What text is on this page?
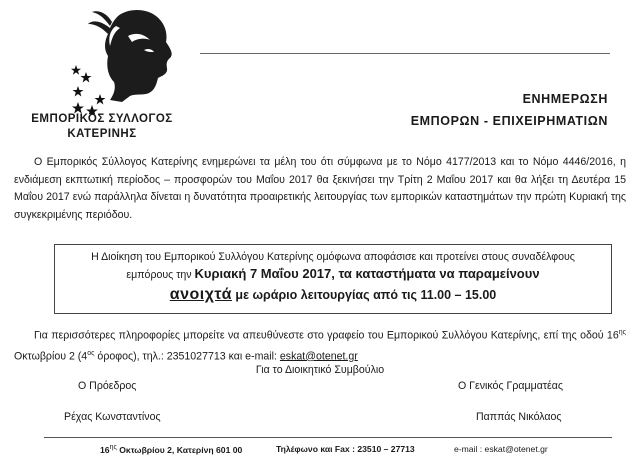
ΕΜΠΟΡΙΚΟΣ ΣΥΛΛΟΓΟΣ
ΚΑΤΕΡΙΝΗΣ
ΕΝΗΜΕΡΩΣΗ
ΕΜΠΟΡΩΝ - ΕΠΙΧΕΙΡΗΜΑΤΙΩΝ
Ο Εμπορικός Σύλλογος Κατερίνης ενημερώνει τα μέλη του ότι σύμφωνα με το Νόμο 4177/2013 και το Νόμο 4446/2016, η ενδιάμεση εκπτωτική περίοδος – προσφορών του Μαΐου 2017 θα ξεκινήσει την Τρίτη 2 Μαΐου 2017 και θα λήξει τη Δευτέρα 15 Μαΐου 2017 ενώ παράλληλα δίνεται η δυνατότητα προαιρετικής λειτουργίας των εμπορικών καταστημάτων την πρώτη Κυριακή της συγκεκριμένης περιόδου.
Η Διοίκηση του Εμπορικού Συλλόγου Κατερίνης ομόφωνα αποφάσισε και προτείνει στους συναδέλφους
εμπόρους την Κυριακή 7 Μαΐου 2017, τα καταστήματα να παραμείνουν
ανοιχτά με ωράριο λειτουργίας από τις 11.00 – 15.00
Για περισσότερες πληροφορίες μπορείτε να απευθύνεστε στο γραφείο του Εμπορικού Συλλόγου Κατερίνης, επί της οδού $16^{\eta\varsigma}$ Οκτωβρίου 2 ($4^{o\varsigma}$ όροφος), τηλ.: 2351027713 και e-mail: eskat@otenet.gr
Για το Διοικητικό Συμβούλιο
Ο Πρόεδρος	Ο Γενικός Γραμματέας
Ρέχας Κωνσταντίνος	Παππάς Νικόλαος
$16^{\eta\varsigma}$ Οκτωβρίου 2, Κατερίνη 601 00	Τηλέφωνο και Fax : 23510 – 27713	e-mail : eskat@otenet.gr
